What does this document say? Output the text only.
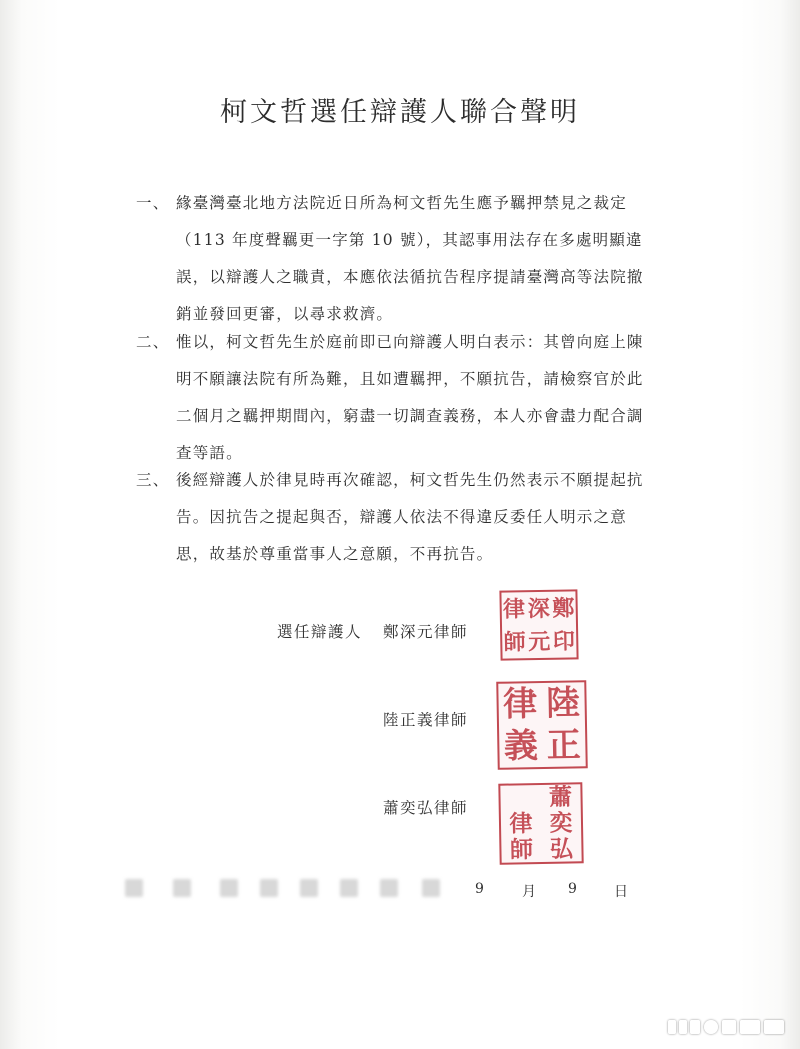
柯文哲選任辯護人聯合聲明
一、 緣臺灣臺北地方法院近日所為柯文哲先生應予羈押禁見之裁定（113 年度聲羈更一字第 10 號），其認事用法存在多處明顯違誤，以辯護人之職責，本應依法循抗告程序提請臺灣高等法院撤銷並發回更審，以尋求救濟。
二、 惟以，柯文哲先生於庭前即已向辯護人明白表示：其曾向庭上陳明不願讓法院有所為難，且如遭羈押，不願抗告，請檢察官於此二個月之羈押期間內，窮盡一切調查義務，本人亦會盡力配合調查等語。
三、 後經辯護人於律見時再次確認，柯文哲先生仍然表示不願提起抗告。因抗告之提起與否，辯護人依法不得違反委任人明示之意思，故基於尊重當事人之意願，不再抗告。
選任辯護人 鄭深元律師
陸正義律師
蕭奕弘律師
律 深 鄭
師 元 印
律 陸
義 正
蕭
律 奕
師 弘
9	月 9	日
